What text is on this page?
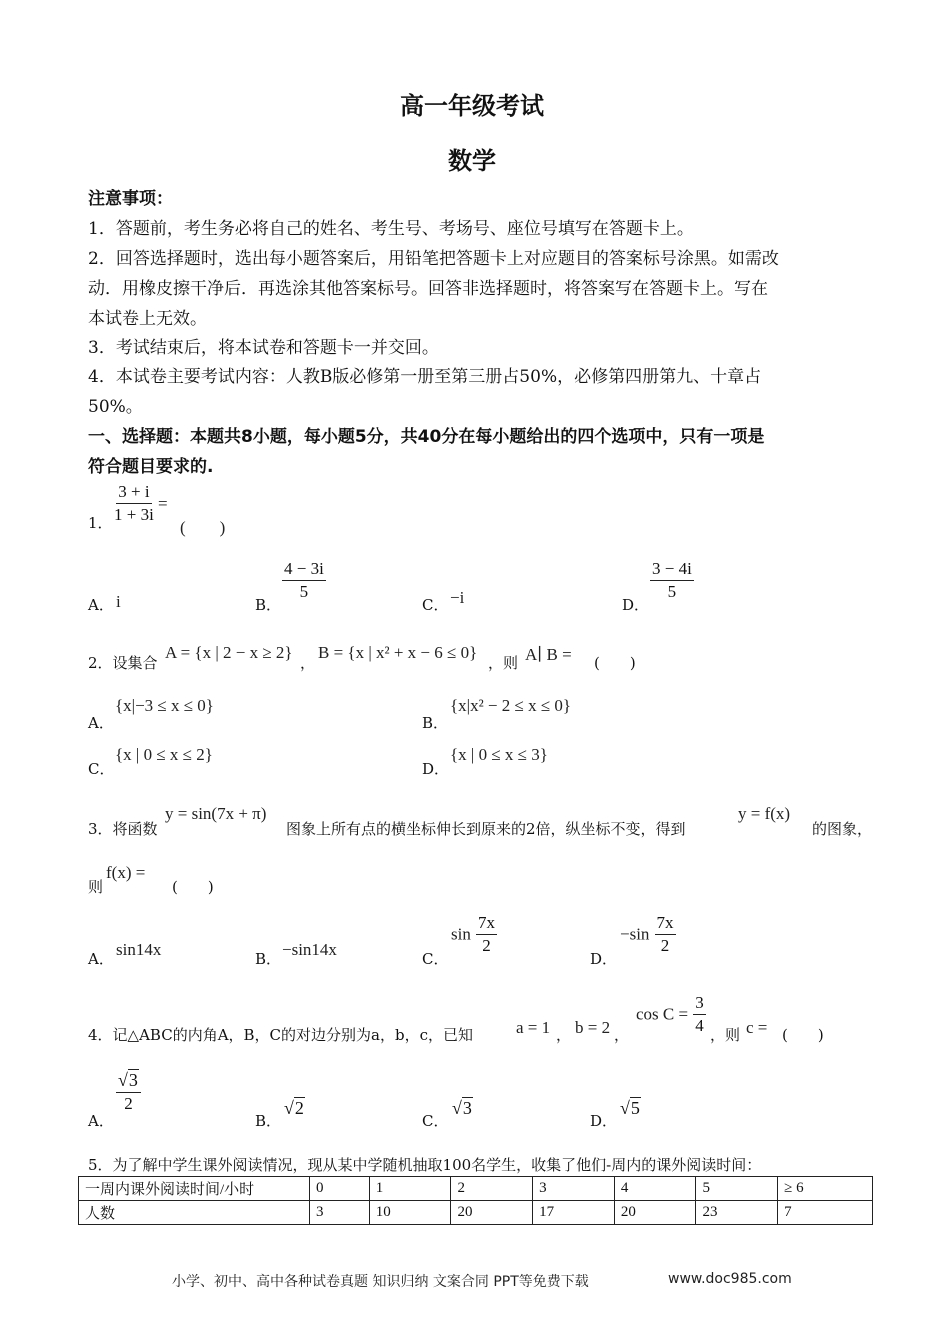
高一年级考试
数学
注意事项：
1．答题前，考生务必将自己的姓名、考生号、考场号、座位号填写在答题卡上。
2．回答选择题时，选出每小题答案后，用铅笔把答题卡上对应题目的答案标号涂黑。如需改
动．用橡皮擦干净后．再选涂其他答案标号。回答非选择题时，将答案写在答题卡上。写在
本试卷上无效。
3．考试结束后，将本试卷和答题卡一并交回。
4．本试卷主要考试内容：人教B版必修第一册至第三册占50%，必修第四册第九、十章占
50%。
一、选择题：本题共8小题，每小题5分，共40分在每小题给出的四个选项中，只有一项是
符合题目要求的.
1． $\frac{3 + i}{1 + 3i}$ =
(　　)
A． i	B．
$\frac{4 - 3i}{5}$
C． −i	D．
$\frac{3 - 4i}{5}$
2．设集合
A = {x | 2 − x ≥ 2}
，
B = {x | x² + x − 6 ≤ 0}
，则 A∣ B = (　　)
A．
{x|−3 ≤ x ≤ 0}
B．
{x|x² − 2 ≤ x ≤ 0}
C．
{x | 0 ≤ x ≤ 2}
D．
{x | 0 ≤ x ≤ 3}
3．将函数
y = sin(7x + π)
图象上所有点的横坐标伸长到原来的2倍，纵坐标不变，得到
y = f(x)
的图象，
则
f(x) =
(　　)
A． sin14x	B． −sin14x	C．
$\sin \frac{7x}{2}$
D．
$-\sin \frac{7x}{2}$
4．记△ABC的内角A，B，C的对边分别为a，b，c，已知	a = 1 ， b = 2 ，
$\cos C = \frac{3}{4}$ ，则 c = (　　)
A．
$\frac{√3}{2}$
B．
√2
C．
√3
D．
√5
5．为了解中学生课外阅读情况，现从某中学随机抽取100名学生，收集了他们-周内的课外阅读时间：
一周内课外阅读时间/小时	0	1	2	3	4	5	≥ 6
人数	3	10	20	17	20	23	7
小学、初中、高中各种试卷真题 知识归纳 文案合同 PPT等免费下载	www.doc985.com
